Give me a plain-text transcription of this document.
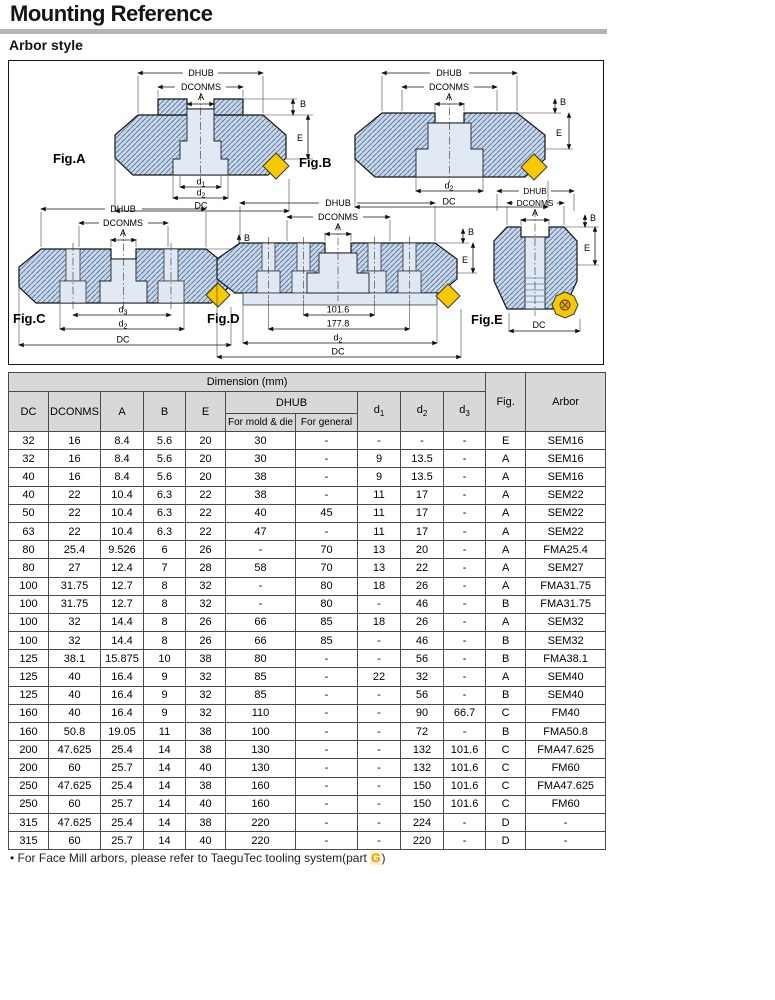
Mounting Reference
Arbor style
DHUB
DCONMS
A
B
E
$d_1$
$d_2$
DC
Fig.A
DHUB
DCONMS
A	B
E
$d_2$
DC
Fig.B
DHUB
DCONMS
A	B
$d_3$
$d_2$
DC
Fig.C
DHUB
DCONMS
A	B
E
101.6
177.8
$d_2$
DC
Fig.D
DHUB
DCONMS
A	B
E
DC
Fig.E
Dimension (mm)										Fig.	Arbor
DC	DCONMS	A	B	E	DHUB		$d_1$	$d_2$	$d_3$
					For mold & die	For general					
32	16	8.4	5.6	20	30	-	-	-	-	E	SEM16
32	16	8.4	5.6	20	30	-	9	13.5	-	A	SEM16
40	16	8.4	5.6	20	38	-	9	13.5	-	A	SEM16
40	22	10.4	6.3	22	38	-	11	17	-	A	SEM22
50	22	10.4	6.3	22	40	45	11	17	-	A	SEM22
63	22	10.4	6.3	22	47	-	11	17	-	A	SEM22
80	25.4	9.526	6	26	-	70	13	20	-	A	FMA25.4
80	27	12.4	7	28	58	70	13	22	-	A	SEM27
100	31.75	12.7	8	32	-	80	18	26	-	A	FMA31.75
100	31.75	12.7	8	32	-	80	-	46	-	B	FMA31.75
100	32	14.4	8	26	66	85	18	26	-	A	SEM32
100	32	14.4	8	26	66	85	-	46	-	B	SEM32
125	38.1	15.875	10	38	80	-	-	56	-	B	FMA38.1
125	40	16.4	9	32	85	-	22	32	-	A	SEM40
125	40	16.4	9	32	85	-	-	56	-	B	SEM40
160	40	16.4	9	32	110	-	-	90	66.7	C	FM40
160	50.8	19.05	11	38	100	-	-	72	-	B	FMA50.8
200	47.625	25.4	14	38	130	-	-	132	101.6	C	FMA47.625
200	60	25.7	14	40	130	-	-	132	101.6	C	FM60
250	47.625	25.4	14	38	160	-	-	150	101.6	C	FMA47.625
250	60	25.7	14	40	160	-	-	150	101.6	C	FM60
315	47.625	25.4	14	38	220	-	-	224	-	D	-
315	60	25.7	14	40	220	-	-	220	-	D	-
• For Face Mill arbors, please refer to TaeguTec tooling system(part G)
